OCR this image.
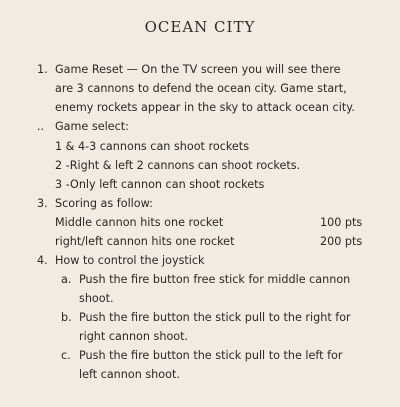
OCEAN CITY
1. Game Reset — On the TV screen you will see there
are 3 cannons to defend the ocean city. Game start,
enemy rockets appear in the sky to attack ocean city.
.. Game select:
1 & 4-3 cannons can shoot rockets
2 -Right & left 2 cannons can shoot rockets.
3 -Only left cannon can shoot rockets
3. Scoring as follow:
Middle cannon hits one rocket	100 pts
right/left cannon hits one rocket	200 pts
4. How to control the joystick
a. Push the fire button free stick for middle cannon
shoot.
b. Push the fire button the stick pull to the right for
right cannon shoot.
c. Push the fire button the stick pull to the left for
left cannon shoot.
